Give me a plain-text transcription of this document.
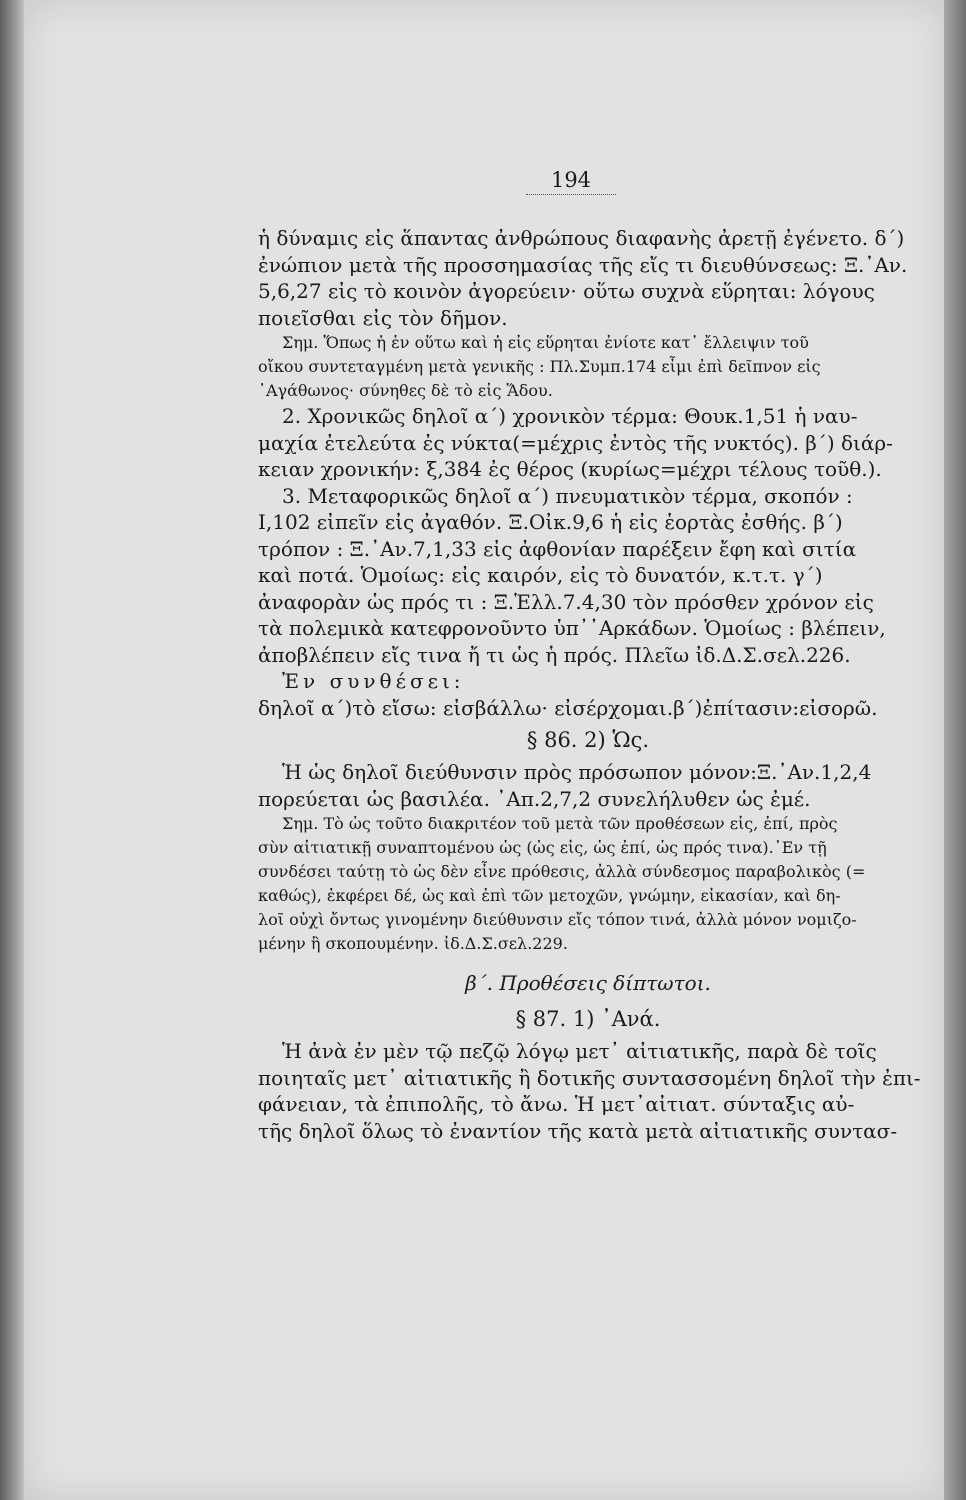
194
ἡ δύναμις εἰς ἅπαντας ἀνθρώπους διαφανὴς ἀρετῇ ἐγένετο. δ΄)
ἐνώπιον μετὰ τῆς προσσημασίας τῆς εἴς τι διευθύνσεως: Ξ.᾿Αν.
5,6,27 εἰς τὸ κοινὸν ἀγορεύειν· οὕτω συχνὰ εὕρηται: λόγους
ποιεῖσθαι εἰς τὸν δῆμον.
Σημ. Ὅπως ἡ ἐν οὕτω καὶ ἡ εἰς εὕρηται ἐνίοτε κατ᾿ ἔλλειψιν τοῦ
οἴκου συντεταγμένη μετὰ γενικῆς : Πλ.Συμπ.174 εἶμι ἐπὶ δεῖπνον εἰς
᾿Αγάθωνος· σύνηθες δὲ τὸ εἰς Ἅδου.
2. Χρονικῶς δηλοῖ α΄) χρονικὸν τέρμα: Θουκ.1,51 ἡ ναυ-
μαχία ἐτελεύτα ἐς νύκτα(=μέχρις ἐντὸς τῆς νυκτός). β΄) διάρ-
κειαν χρονικήν: ξ,384 ἐς θέρος (κυρίως=μέχρι τέλους τοῦθ.).
3. Μεταφορικῶς δηλοῖ α΄) πνευματικὸν τέρμα, σκοπόν :
Ι,102 εἰπεῖν εἰς ἀγαθόν. Ξ.Οἰκ.9,6 ἡ εἰς ἑορτὰς ἐσθής. β΄)
τρόπον : Ξ.᾿Αν.7,1,33 εἰς ἀφθονίαν παρέξειν ἔφη καὶ σιτία
καὶ ποτά. Ὁμοίως: εἰς καιρόν, εἰς τὸ δυνατόν, κ.τ.τ. γ΄)
ἀναφορὰν ὡς πρός τι : Ξ.Ἑλλ.7.4,30 τὸν πρόσθεν χρόνον εἰς
τὰ πολεμικὰ κατεφρονοῦντο ὑπ᾿᾿Αρκάδων. Ὁμοίως : βλέπειν,
ἀποβλέπειν εἴς τινα ἤ τι ὡς ἡ πρός. Πλεῖω ἰδ.Δ.Σ.σελ.226.
Ἐν συνθέσει:
δηλοῖ α΄)τὸ εἴσω: εἰσβάλλω· εἰσέρχομαι.β΄)ἐπίτασιν:εἰσορῶ.
§ 86. 2) Ὡς.
Ἡ ὡς δηλοῖ διεύθυνσιν πρὸς πρόσωπον μόνον:Ξ.᾿Αν.1,2,4
πορεύεται ὡς βασιλέα. ᾿Απ.2,7,2 συνελήλυθεν ὡς ἐμέ.
Σημ. Τὸ ὡς τοῦτο διακριτέον τοῦ μετὰ τῶν προθέσεων εἰς, ἐπί, πρὸς
σὺν αἰτιατικῇ συναπτομένου ὡς (ὡς εἰς, ὡς ἐπί, ὡς πρός τινα).᾿Εν τῇ
συνδέσει ταύτῃ τὸ ὡς δὲν εἶνε πρόθεσις, ἀλλὰ σύνδεσμος παραβολικὸς (=
καθώς), ἐκφέρει δέ, ὡς καὶ ἐπὶ τῶν μετοχῶν, γνώμην, εἰκασίαν, καὶ δη-
λοῖ οὐχὶ ὄντως γινομένην διεύθυνσιν εἴς τόπον τινά, ἀλλὰ μόνον νομιζο-
μένην ἢ σκοπουμένην. ἰδ.Δ.Σ.σελ.229.
β΄. Προθέσεις δίπτωτοι.
§ 87. 1) ᾿Ανά.
Ἡ ἀνὰ ἐν μὲν τῷ πεζῷ λόγῳ μετ᾿ αἰτιατικῆς, παρὰ δὲ τοῖς
ποιηταῖς μετ᾿ αἰτιατικῆς ἢ δοτικῆς συντασσομένη δηλοῖ τὴν ἐπι-
φάνειαν, τὰ ἐπιπολῆς, τὸ ἄνω. Ἡ μετ᾿αἰτιατ. σύνταξις αὐ-
τῆς δηλοῖ ὅλως τὸ ἐναντίον τῆς κατὰ μετὰ αἰτιατικῆς συντασ-
